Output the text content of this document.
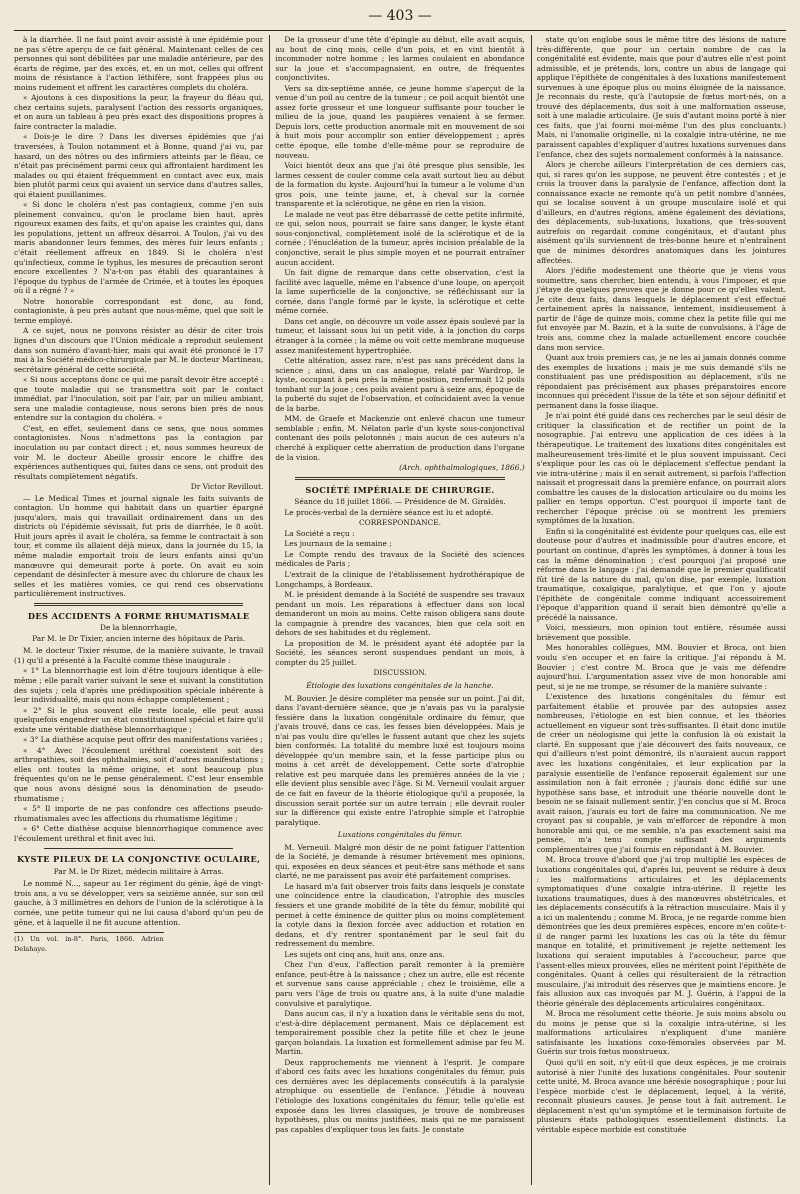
— 403 —

à la diarrhée. Il ne faut point avoir assisté à une épidémie pour ne pas s'être aperçu de ce fait général. Maintenant celles de ces personnes qui sont débilitées par une maladie antérieure, par des écarts de régime, par des excès, et, en un mot, celles qui offrent moins de résistance à l'action léthifère, sont frappées plus ou moins rudement et offrent les caractères complets du choléra.

« Ajoutons à ces dispositions la peur, la frayeur du fléau qui, chez certains sujets, paralysent l'action des ressorts organiques, et on aura un tableau à peu près exact des dispositions propres à faire contracter la maladie.

« Dois-je le dire ? Dans les diverses épidémies que j'ai traversées, à Toulon notamment et à Bonne, quand j'ai vu, par hasard, un des nôtres ou des infirmiers atteints par le fléau, ce n'était pas précisément parmi ceux qui affrontaient hardiment les malades ou qui étaient fréquemment en contact avec eux, mais bien plutôt parmi ceux qui avaient un service dans d'autres salles, qui étaient pusillanimes.

« Si donc le choléra n'est pas contagieux, comme j'en suis pleinement convaincu, qu'on le proclame bien haut, après rigoureux examen des faits, et qu'on apaise les craintes qui, dans les populations, jettent un affreux désarroi. A Toulon, j'ai vu des maris abandonner leurs femmes, des mères fuir leurs enfants ; c'était réellement affreux en 1849. Si le choléra n'est qu'infectieux, comme le typhus, les mesures de précaution seront encore excellentes ? N'a-t-on pas établi des quarantaines à l'époque du typhus de l'armée de Crimée, et à toutes les époques où il a régné ? »

Notre honorable correspondant est donc, au fond, contagioniste, à peu près autant que nous-même, quel que soit le terme employé.

A ce sujet, nous ne pouvons résister au désir de citer trois lignes d'un discours que l'Union médicale a reproduit seulement dans son numéro d'avant-hier, mais qui avait été prononcé le 17 mai à la Société médico-chirurgicale par M. le docteur Martineau, secrétaire général de cette société.

« Si nous acceptons donc ce qui me paraît devoir être accepté : que toute maladie qui se transmettra soit par le contact immédiat, par l'inoculation, soit par l'air, par un milieu ambiant, sera une maladie contagieuse, nous serons bien près de nous entendre sur la contagion du choléra. »

C'est, en effet, seulement dans ce sens, que nous sommes contagionistes. Nous n'admettons pas la contagion par inoculation ou par contact direct ; et, nous sommes heureux de voir M. le docteur Abeille grossir encore le chiffre des expériences authentiques qui, faites dans ce sens, ont produit des résultats complètement négatifs.

Dr Victor Revillout.

— Le Medical Times et journal signale les faits suivants de contagion. Un homme qui habitait dans un quartier épargné jusqu'alors, mais qui travaillait ordinairement dans un des districts où l'épidémie sévissait, fut pris de diarrhée, le 8 août. Huit jours après il avait le choléra, sa femme le contractait à son tour, et comme ils allaient déjà mieux, dans la journée du 15, la même maladie emportait trois de leurs enfants ainsi qu'un manœuvre qui demeurait porte à porte. On avait eu soin cependant de désinfecter à mesure avec du chlorure de chaux les selles et les matières vomies, ce qui rend ces observations particulièrement instructives.

DES ACCIDENTS A FORME RHUMATISMALE
De la blennorrhagie,
Par M. le Dr Tixier, ancien interne des hôpitaux de Paris.

M. le docteur Tixier résume, de la manière suivante, le travail (1) qu'il a présenté à la Faculté comme thèse inaugurale :

« 1° La blennorrhagie est loin d'être toujours identique à elle-même ; elle paraît varier suivant le sexe et suivant la constitution des sujets ; cela d'après une prédisposition spéciale inhérente à leur individualité, mais qui nous échappe complètement ;

« 2° Si le plus souvent elle reste locale, elle peut aussi quelquefois engendrer un état constitutionnel spécial et faire qu'il existe une véritable diathèse blennorrhagique ;

« 3° La diathèse acquise peut offrir des manifestations variées ;

« 4° Avec l'écoulement uréthral coexistent soit des arthropathies, soit des ophthalmies, soit d'autres manifestations ; elles ont toutes la même origine, et sont beaucoup plus fréquentes qu'on ne le pense généralement. C'est leur ensemble que nous avons désigné sous la dénomination de pseudo-rhumatisme ;

« 5° Il importe de ne pas confondre ces affections pseudo-rhumatismales avec les affections du rhumatisme légitime ;

« 6° Cette diathèse acquise blennorrhagique commence avec l'écoulement uréthral et finit avec lui.

KYSTE PILEUX DE LA CONJONCTIVE OCULAIRE,
Par M. le Dr Rizet, médecin militaire à Arras.

Le nommé N..., sapeur au 1er régiment du génie, âgé de vingt-trois ans, a vu se développer, vers sa seizième année, sur son œil gauche, à 3 millimètres en dehors de l'union de la sclérotique à la cornée, une petite tumeur qui ne lui causa d'abord qu'un peu de gêne, et à laquelle il ne fit aucune attention.

(1) Un vol. in-8°. Paris, 1866. Adrien Delahaye.

De la grosseur d'une tête d'épingle au début, elle avait acquis, au bout de cinq mois, celle d'un pois, et en vint bientôt à incommoder notre homme ; les larmes coulaient en abondance sur la joue et s'accompagnaient, en outre, de fréquentes conjonctivites.

Vers sa dix-septième année, ce jeune homme s'aperçut de la venue d'un poil au centre de la tumeur ; ce poil acquit bientôt une assez forte grosseur et une longueur suffisante pour toucher le milieu de la joue, quand les paupières venaient à se fermer. Depuis lors, cette production anormale mit en mouvement de soi à huit mois pour accomplir son entier développement ; après cette époque, elle tombe d'elle-même pour se reproduire de nouveau.

Voici bientôt deux ans que j'ai ôté presque plus sensible, les larmes cessent de couler comme cela avait surtout lieu au début de la formation du kyste. Aujourd'hui la tumeur a le volume d'un gros pois, une teinte jaune, et, à cheval sur la cornée transparente et la sclérotique, ne gêne en rien la vision.

Le malade ne veut pas être débarrassé de cette petite infirmité, ce qui, selon nous, pourrait se faire sans danger, le kyste étant sous-conjonctival, complètement isolé de la sclérotique et de la cornée ; l'énucléation de la tumeur, après incision préalable de la conjonctive, serait le plus simple moyen et ne pourrait entraîner aucun accident.

Un fait digne de remarque dans cette observation, c'est la facilité avec laquelle, même en l'absence d'une loupe, on aperçoit la lame superficielle de la conjonctive, se réfléchissant sur la cornée, dans l'angle formé par le kyste, la sclérotique et cette même cornée.

Dans cet angle, on découvre un voile assez épais soulevé par la tumeur, et laissant sous lui un petit vide, à la jonction du corps étranger à la cornée ; la même ou voit cette membrane muqueuse assez manifestement hypertrophiée.

Cette altération, assez rare, n'est pas sans précédent dans la science ; ainsi, dans un cas analogue, relaté par Wardrop, le kyste, occupant à peu près la même position, renfermait 12 poils tombant sur la joue ; ces poils avaient paru à seize ans, époque de la puberté du sujet de l'observation, et coïncidaient avec la venue de la barbe.

MM. de Graefe et Mackenzie ont enlevé chacun une tumeur semblable ; enfin, M. Nélaton parle d'un kyste sous-conjonctival contenant des poils pelotonnés ; mais aucun de ces auteurs n'a cherché à expliquer cette aberration de production dans l'organe de la vision.

(Arch. ophthalmologiques, 1866.)
SOCIÉTÉ IMPÉRIALE DE CHIRURGIE.
Séance du 18 juillet 1866. — Présidence de M. Giraldès.

Le procès-verbal de la dernière séance est lu et adopté.

CORRESPONDANCE.

La Société a reçu :

Les journaux de la semaine ;

Le Compte rendu des travaux de la Société des sciences médicales de Paris ;

L'extrait de la clinique de l'établissement hydrothérapique de Longchamps, à Bordeaux.

M. le président demande à la Société de suspendre ses travaux pendant un mois. Les réparations à effectuer dans son local demanderont un mois au moins. Cette raison obligera sans doute la compagnie à prendre des vacances, bien que cela soit en dehors de ses habitudes et du règlement.

La proposition de M. le président ayant été adoptée par la Société, les séances seront suspendues pendant un mois, à compter du 25 juillet.

DISCUSSION.
Étiologie des luxations congénitales de la hanche.

M. Bouvier. Je désire compléter ma pensée sur un point. J'ai dit, dans l'avant-dernière séance, que je n'avais pas vu la paralysie fessière dans la luxation congénitale ordinaire du fémur, que j'avais trouvé, dans ce cas, les fesses bien développées. Mais je n'ai pas voulu dire qu'elles le fussent autant que chez les sujets bien conformés. La totalité du membre luxé est toujours moins développée qu'un membre sain, et la fesse participe plus ou moins à cet arrêt de développement. Cette sorte d'atrophie relative est peu marquée dans les premières années de la vie ; elle devient plus sensible avec l'âge. Si M. Verneuil voulait arguer de ce fait en faveur de la théorie étiologique qu'il a proposée, la discussion serait portée sur un autre terrain ; elle devrait rouler sur la différence qui existe entre l'atrophie simple et l'atrophie paralytique.

Luxations congénitales du fémur.

M. Verneuil. Malgré mon désir de ne point fatiguer l'attention de la Société, je demande à résumer brièvement mes opinions, qui, exposées en deux séances et peut-être sans méthode et sans clarté, ne me paraissent pas avoir été parfaitement comprises.

Le hasard m'a fait observer trois faits dans lesquels je constate une coïncidence entre la claudication, l'atrophie des muscles fessiers et une grande mobilité de la tête du fémur, mobilité qui permet à cette éminence de quitter plus ou moins complètement la cotyle dans la flexion forcée avec adduction et rotation en dedans, et d'y rentrer spontanément par le seul fait du redressement du membre.

Les sujets ont cinq ans, huit ans, onze ans.

Chez l'un d'eux, l'affection paraît remonter à la première enfance, peut-être à la naissance ; chez un autre, elle est récente et survenue sans cause appréciable ; chez le troisième, elle a paru vers l'âge de trois ou quatre ans, à la suite d'une maladie convulsive et paralytique.

Dans aucun cas, il n'y a luxation dans le véritable sens du mot, c'est-à-dire déplacement permanent. Mais ce déplacement est temporairement possible chez la petite fille et chez le jeune garçon bolandais. La luxation est formellement admise par feu M. Martin.

Deux rapprochements me viennent à l'esprit. Je compare d'abord ces faits avec les luxations congénitales du fémur, puis ces dernières avec les déplacements consécutifs à la paralysie atrophique ou essentielle de l'enfance. J'étudie à nouveau l'étiologie des luxations congénitales du fémur, telle qu'elle est exposée dans les livres classiques, je trouve de nombreuses hypothèses, plus ou moins justifiées, mais qui ne me paraissent pas capables d'expliquer tous les faits. Je constate

state qu'on englobe sous le même titre des lésions de nature très-différente, que pour un certain nombre de cas la congénitalité est évidente, mais que pour d'autres elle n'est point admissible, et je prétends, lors, contre un abus de langage qui applique l'épithète de congénitales à des luxations manifestement survenues à une époque plus ou moins éloignée de la naissance. Je reconnais du reste, qu'à l'autopsie de fœtus mort-nés, on a trouvé des déplacements, dus soit à une malformation osseuse, soit à une maladie articulaire. (Je suis d'autant moins porté à nier ces faits, que j'ai fourni moi-même l'un des plus concluants.) Mais, ni l'anomalie originelle, ni la coxalgie intra-utérine, ne me paraissent capables d'expliquer d'autres luxations survenues dans l'enfance, chez des sujets normalement conformés à la naissance.

Alors je cherche ailleurs l'interprétation de ces derniers cas, qui, si rares qu'on les suppose, ne peuvent être contestés ; et je crois la trouver dans la paralysie de l'enfance, affection dont la connaissance exacte ne remonte qu'à un petit nombre d'années, qui se localise souvent à un groupe musculaire isolé et qui d'ailleurs, en d'autres régions, amène également des déviations, des déplacements, sub-luxations, luxations, que très-souvent autrefois on regardait comme congénitaux, et d'autant plus aisément qu'ils surviennent de très-bonne heure et n'entraînent que de minimes désordres anatomiques dans les jointures affectées.

Alors j'édifie modestement une théorie que je viens vous soumettre, sans chercher, bien entendu, à vous l'imposer, et que j'étaye de quelques preuves que je donne pour ce qu'elles valent. Je cite deux faits, dans lesquels le déplacement s'est effectué certainement après la naissance, lentement, insidieusement à partir de l'âge de quinze mois, comme chez la petite fille qui me fut envoyée par M. Bazin, et à la suite de convulsions, à l'âge de trois ans, comme chez la malade actuellement encore couchée dans mon service.

Quant aux trois premiers cas, je ne les ai jamais donnés comme des exemples de luxations ; mais je me suis demandé s'ils ne constituaient pas une prédisposition au déplacement, s'ils ne répondaient pas précisément aux phases préparatoires encore inconnues qui précèdent l'issue de la tête et son séjour définitif et permanent dans la fosse iliaque.

Je n'ai point été guidé dans ces recherches par le seul désir de critiquer la classification et de rectifier un point de la nosographie. J'ai entrevu une application de ces idées à la thérapeutique. Le traitement des luxations dites congénitales est malheureusement très-limité et le plus souvent impuissant. Ceci s'explique pour les cas où le déplacement s'effectue pendant la vie intra-utérine ; mais il en serait autrement, si parfois l'affection naissait et progressait dans la première enfance, on pourrait alors combattre les causes de la dislocation articulaire ou du moins les pallier en temps opportun. C'est pourquoi il importe tant de rechercher l'époque précise où se montrent les premiers symptômes de la luxation.

Enfin si la congénitalité est évidente pour quelques cas, elle est douteuse pour d'autres et inadmissible pour d'autres encore, et pourtant on continue, d'après les symptômes, à donner à tous les cas la même dénomination ; c'est pourquoi j'ai proposé une réforme dans le langage : j'ai demandé que le premier qualificatif fût tiré de la nature du mal, qu'on dise, par exemple, luxation traumatique, coxalgique, paralytique, et que l'on y ajoute l'épithète de congénitale comme indiquant accessoirement l'époque d'apparition quand il serait bien démontré qu'elle a précédé la naissance.

Voici, messieurs, mon opinion tout entière, résumée aussi brièvement que possible.

Mes honorables collègues, MM. Bouvier et Broca, ont bien voulu s'en occuper et en faire la critique. J'ai répondu à M. Bouvier ; c'est contre M. Broca que je vais me défendre aujourd'hui. L'argumentation assez vive de mon honorable ami peut, si je ne me trompe, se résumer de la manière suivante :

L'existence des luxations congénitales du fémur est parfaitement établie et prouvée par des autopsies assez nombreuses, l'étiologie en est bien connue, et les théories actuellement en vigueur sont très-suffisantes. Il était donc inutile de créer un néologisme qui jette la confusion là où existait la clarté. En supposant que j'aie découvert des faits nouveaux, ce qui d'ailleurs n'est point démontré, ils n'auraient aucun rapport avec les luxations congénitales, et leur explication par la paralysie essentielle de l'enfance reposerait également sur une assimilation non à fait erronée ; j'aurais donc édifié sur une hypothèse sans base, et introduit une théorie nouvelle dont le besoin ne se faisait nullement sentir. J'en conclus que si M. Broca avait raison, j'aurais eu tort de faire ma communication. Ne me croyant pas si coupable, je vais m'efforcer de répondre à mon honorable ami qui, ce me semble, n'a pas exactement saisi ma pensée, m'a tenu compte suffisant des arguments complémentaires que j'ai fournis en répondant à M. Bouvier.

M. Broca trouve d'abord que j'ai trop multiplié les espèces de luxations congénitales qui, d'après lui, peuvent se réduire à deux : les malformations articulaires et les déplacements symptomatiques d'une coxalgie intra-utérine. Il rejette les luxations traumatiques, dues à des manœuvres obstétricales, et les déplacements consécutifs à la rétraction musculaire. Mais il y a ici un malentendu ; comme M. Broca, je ne regarde comme bien démontrées que les deux premières espèces, encore m'en coûte-t-il de ranger parmi les luxations les cas où la tête du fémur manque en totalité, et primitivement je rejette nettement les luxations qui seraient imputables à l'accoucheur, parce que l'assent-elles mieux prouvées, elles ne méritent point l'épithète de congénitales. Quant à celles qui résulteraient de la rétraction musculaire, j'ai introduit des réserves que je maintiens encore. Je fais allusion aux cas invoqués par M. J. Guérin, à l'appui de la théorie générale des déplacements articulaires congénitaux.

M. Broca me résolument cette théorie. Je suis moins absolu ou du moins je pense que si la coxalgie intra-utérine, si les malformations articulaires n'expliquent d'une manière satisfaisante les luxations coxo-fémorales observées par M. Guérin sur trois fœtus monstrueux.

Quoi qu'il en soit, n'y eût-il que deux espèces, je me croirais autorisé à nier l'unité des luxations congénitales. Pour soutenir cette unité, M. Broca avance une hérésie nosographique ; pour lui l'espèce morbide c'est le déplacement, lequel, à la vérité, reconnaît plusieurs causes. Je pense tout à fait autrement. Le déplacement n'est qu'un symptôme et le terminaison fortuite de plusieurs états pathologiques essentiellement distincts. La véritable espèce morbide est constituée
